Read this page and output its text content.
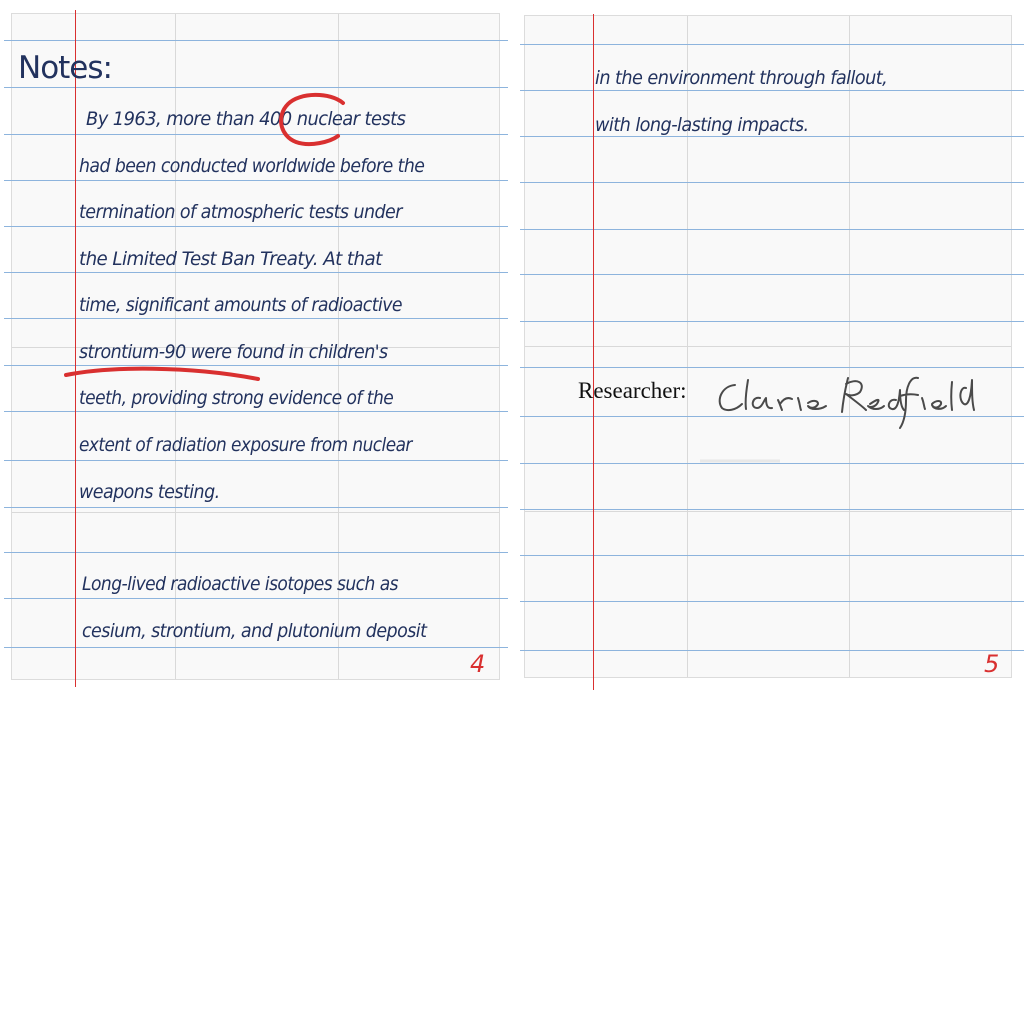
Notes:
By 1963, more than 400 nuclear tests
had been conducted worldwide before the
termination of atmospheric tests under
the Limited Test Ban Treaty. At that
time, significant amounts of radioactive
strontium-90 were found in children's
teeth, providing strong evidence of the
extent of radiation exposure from nuclear
weapons testing.
Long-lived radioactive isotopes such as
cesium, strontium, and plutonium deposit
4
in the environment through fallout,
with long-lasting impacts.
Researcher:
5
